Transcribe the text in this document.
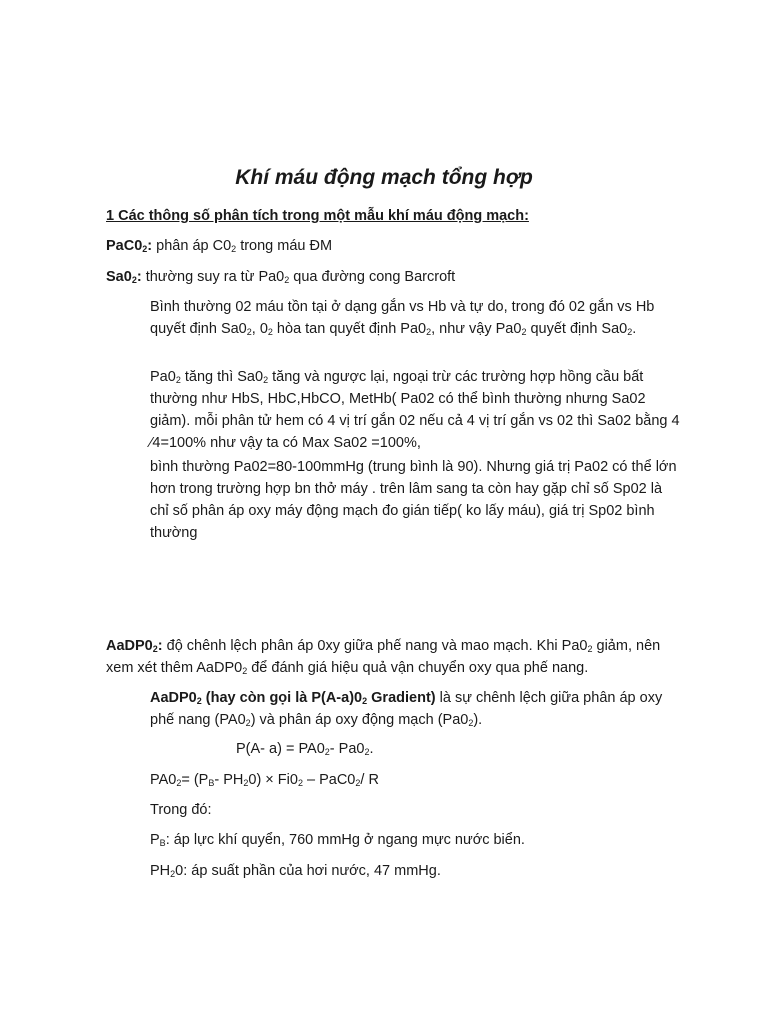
Khí máu động mạch tổng hợp

1 Các thông số phân tích trong một mẫu khí máu động mạch:

$PaC0_2$: phân áp $C0_2$ trong máu ĐM

$Sa0_2$: thường suy ra từ $Pa0_2$ qua đường cong Barcroft

Bình thường 02 máu tồn tại ở dạng gắn vs Hb và tự do, trong đó 02 gắn vs Hb quyết định $Sa0_2$, $0_2$ hòa tan quyết định $Pa0_2$, như vậy $Pa0_2$ quyết định $Sa0_2$.

$Pa0_2$ tăng thì $Sa0_2$ tăng và ngược lại, ngoại trừ các trường hợp hồng cầu bất thường như HbS, HbC,HbCO, MetHb( Pa02 có thể bình thường nhưng Sa02 giảm). mỗi phân tử hem có 4 vị trí gắn 02 nếu cả 4 vị trí gắn vs 02 thì Sa02 bằng 4 ⁄4=100% như vậy ta có Max Sa02 =100%,

bình thường Pa02=80-100mmHg (trung bình là 90). Nhưng giá trị Pa02 có thể lớn hơn trong trường hợp bn thở máy . trên lâm sang ta còn hay gặp chỉ số Sp02 là chỉ số phân áp oxy máy động mạch đo gián tiếp( ko lấy máu), giá trị Sp02 bình thường

$AaDP0_2$: độ chênh lệch phân áp 0xy giữa phế nang và mao mạch. Khi $Pa0_2$ giảm, nên xem xét thêm $AaDP0_2$ để đánh giá hiệu quả vận chuyển oxy qua phế nang.

$AaDP0_2$ (hay còn gọi là $P(A-a)0_2$ Gradient) là sự chênh lệch giữa phân áp oxy phế nang $(PA0_2)$ và phân áp oxy động mạch $(Pa0_2)$.

P(A- $a) = PA0_2-$ $Pa0_2$.

$PA0_2= (P_B-$ $PH_20) \times Fi0_2 - PaC0_2/$ R

Trong đó:

$P_B$: áp lực khí quyển, 760 mmHg ở ngang mực nước biển.

$PH_20$: áp suất phần của hơi nước, 47 mmHg.
